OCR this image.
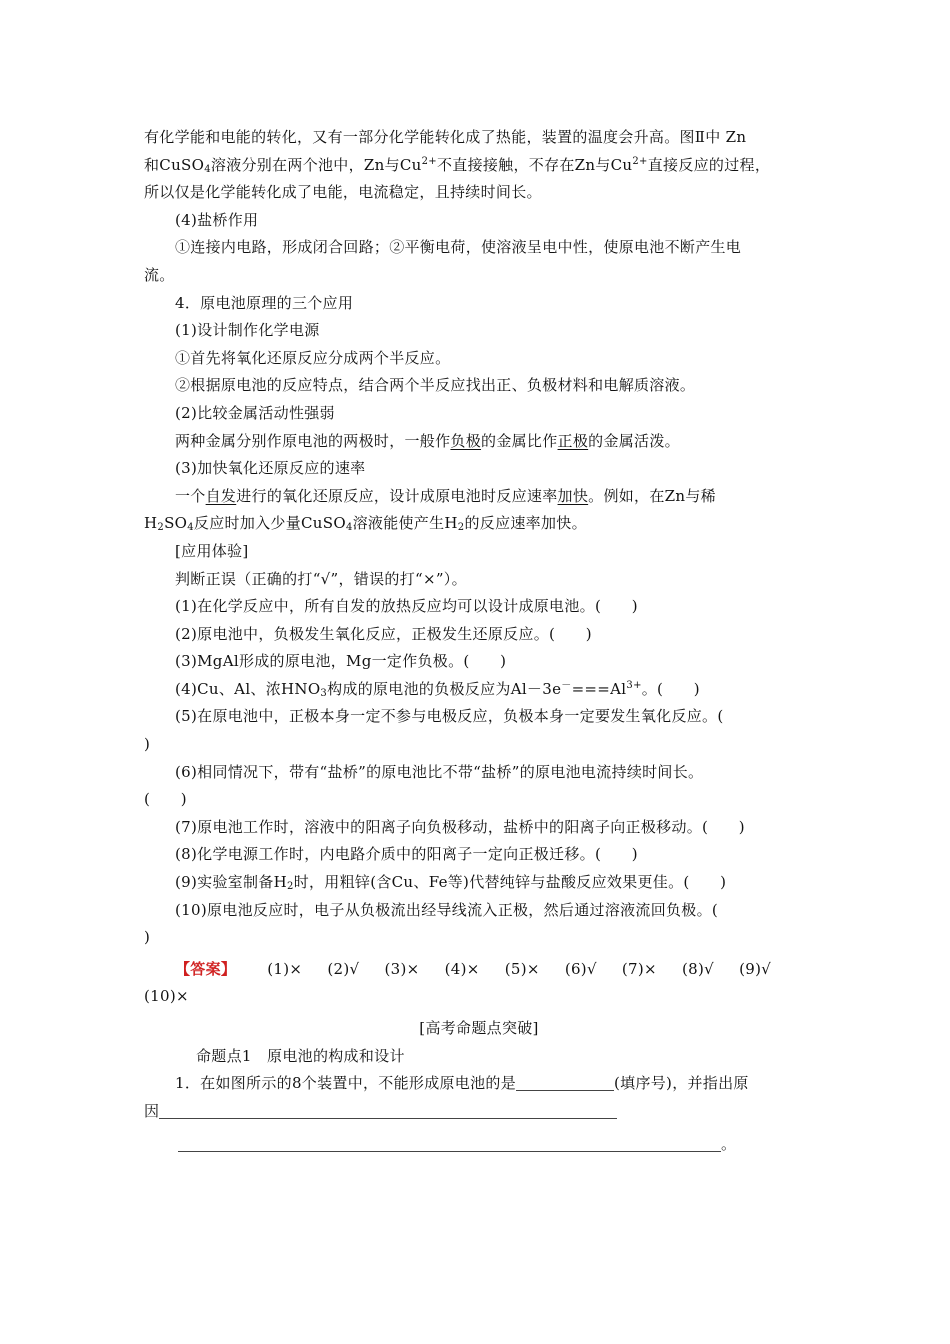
有化学能和电能的转化，又有一部分化学能转化成了热能，装置的温度会升高。图Ⅱ中 Zn
和CuSO$_4$溶液分别在两个池中，Zn与$Cu^{2+}$不直接接触，不存在Zn与$Cu^{2+}$直接反应的过程，
所以仅是化学能转化成了电能，电流稳定，且持续时间长。
(4)盐桥作用
①连接内电路，形成闭合回路；②平衡电荷，使溶液呈电中性，使原电池不断产生电
流。
4．原电池原理的三个应用
(1)设计制作化学电源
①首先将氧化还原反应分成两个半反应。
②根据原电池的反应特点，结合两个半反应找出正、负极材料和电解质溶液。
(2)比较金属活动性强弱
两种金属分别作原电池的两极时，一般作负极的金属比作正极的金属活泼。
(3)加快氧化还原反应的速率
一个自发进行的氧化还原反应，设计成原电池时反应速率加快。例如，在Zn与稀
$H_2SO_4$反应时加入少量CuSO$_4$溶液能使产生$H_2$的反应速率加快。
[应用体验]
判断正误（正确的打“√”，错误的打“×”）。
(1)在化学反应中，所有自发的放热反应均可以设计成原电池。(　　)
(2)原电池中，负极发生氧化反应，正极发生还原反应。(　　)
(3)MgAl形成的原电池，Mg一定作负极。(　　)
(4)Cu、Al、浓$HNO_3$构成的原电池的负极反应为$Al-3e^-===Al^{3+}$。(　　)
(5)在原电池中，正极本身一定不参与电极反应，负极本身一定要发生氧化反应。(
)
(6)相同情况下，带有“盐桥”的原电池比不带“盐桥”的原电池电流持续时间长。
(　　)
(7)原电池工作时，溶液中的阳离子向负极移动，盐桥中的阳离子向正极移动。(　　)
(8)化学电源工作时，内电路介质中的阳离子一定向正极迁移。(　　)
(9)实验室制备$H_2$时，用粗锌(含Cu、Fe等)代替纯锌与盐酸反应效果更佳。(　　)
(10)原电池反应时，电子从负极流出经导线流入正极，然后通过溶液流回负极。(
)
【答案】 (1)× (2)√ (3)× (4)× (5)× (6)√ (7)× (8)√ (9)√
(10)×
[高考命题点突破]
命题点1　原电池的构成和设计
1．在如图所示的8个装置中，不能形成原电池的是	(填序号)，并指出原
因
。
